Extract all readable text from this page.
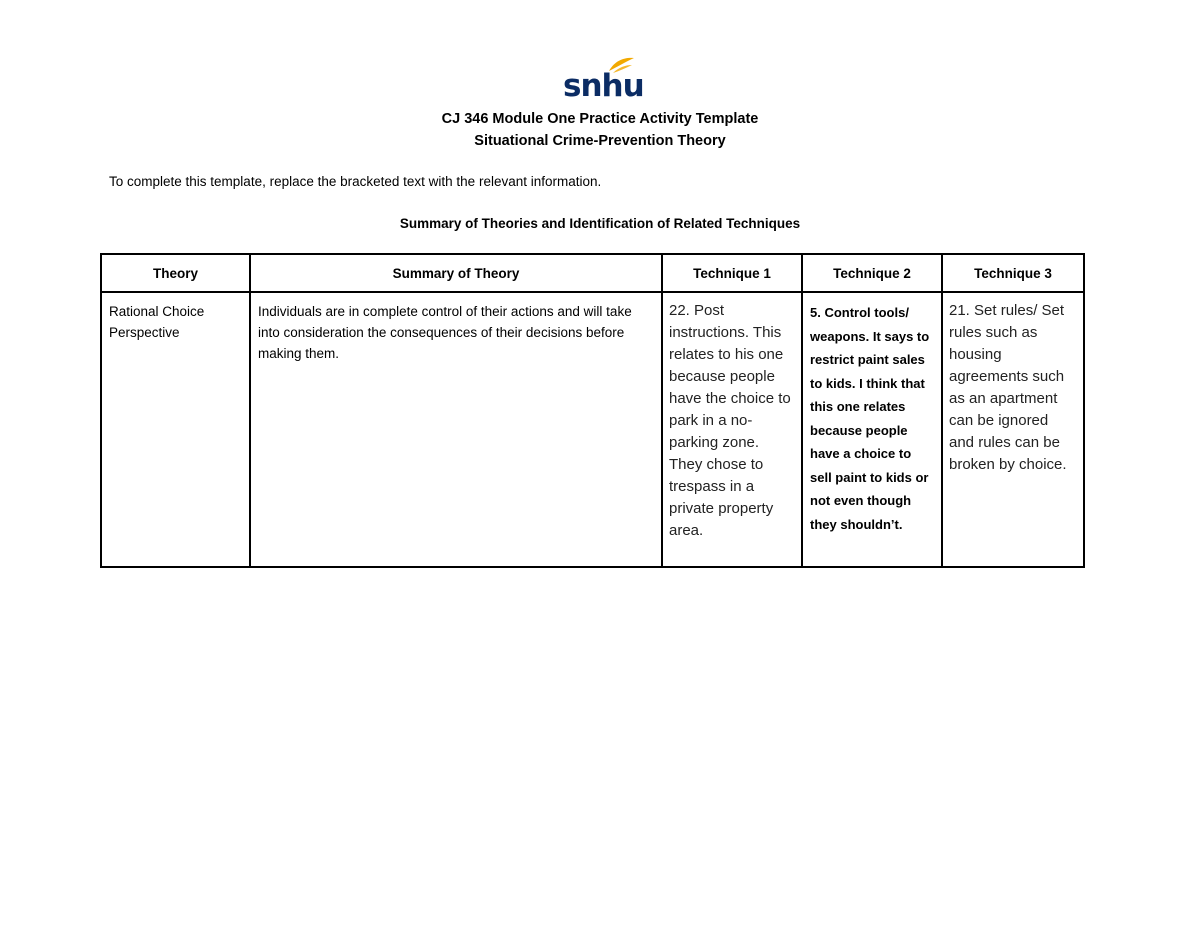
snhu
CJ 346 Module One Practice Activity Template
Situational Crime-Prevention Theory
To complete this template, replace the bracketed text with the relevant information.
Summary of Theories and Identification of Related Techniques
Theory	Summary of Theory	Technique 1	Technique 2	Technique 3

Rational Choice Perspective	Individuals are in complete control of their actions and will take into consideration the consequences of their decisions before making them.	22. Post instructions. This relates to his one because people have the choice to park in a no-parking zone. They chose to trespass in a private property area.	5. Control tools/ weapons. It says to restrict paint sales to kids. I think that this one relates because people have a choice to sell paint to kids or not even though they shouldn’t.	21. Set rules/ Set rules such as housing agreements such as an apartment can be ignored and rules can be broken by choice.
